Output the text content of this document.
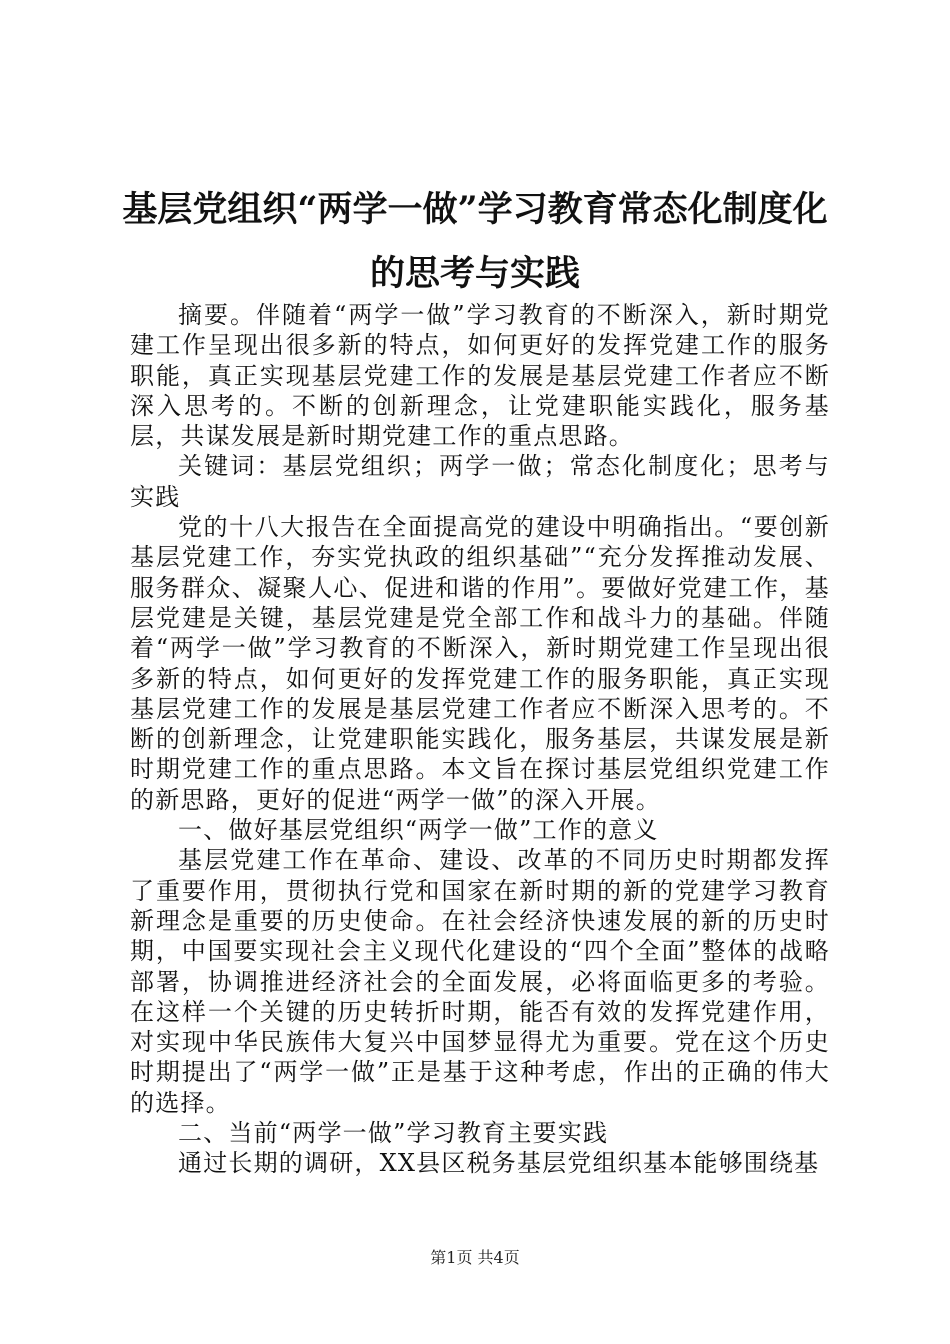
基层党组织“两学一做”学习教育常态化制度化的思考与实践

摘要。伴随着“两学一做”学习教育的不断深入，新时期党建工作呈现出很多新的特点，如何更好的发挥党建工作的服务职能，真正实现基层党建工作的发展是基层党建工作者应不断深入思考的。不断的创新理念，让党建职能实践化，服务基层，共谋发展是新时期党建工作的重点思路。

关键词：基层党组织；两学一做；常态化制度化；思考与实践

党的十八大报告在全面提高党的建设中明确指出。“要创新基层党建工作，夯实党执政的组织基础”“充分发挥推动发展、服务群众、凝聚人心、促进和谐的作用”。要做好党建工作，基层党建是关键，基层党建是党全部工作和战斗力的基础。伴随着“两学一做”学习教育的不断深入，新时期党建工作呈现出很多新的特点，如何更好的发挥党建工作的服务职能，真正实现基层党建工作的发展是基层党建工作者应不断深入思考的。不断的创新理念，让党建职能实践化，服务基层，共谋发展是新时期党建工作的重点思路。本文旨在探讨基层党组织党建工作的新思路，更好的促进“两学一做”的深入开展。

一、做好基层党组织“两学一做”工作的意义

基层党建工作在革命、建设、改革的不同历史时期都发挥了重要作用，贯彻执行党和国家在新时期的新的党建学习教育新理念是重要的历史使命。在社会经济快速发展的新的历史时期，中国要实现社会主义现代化建设的“四个全面”整体的战略部署，协调推进经济社会的全面发展，必将面临更多的考验。在这样一个关键的历史转折时期，能否有效的发挥党建作用，对实现中华民族伟大复兴中国梦显得尤为重要。党在这个历史时期提出了“两学一做”正是基于这种考虑，作出的正确的伟大的选择。

二、当前“两学一做”学习教育主要实践

通过长期的调研，XX县区税务基层党组织基本能够围绕基

第1页 共4页
